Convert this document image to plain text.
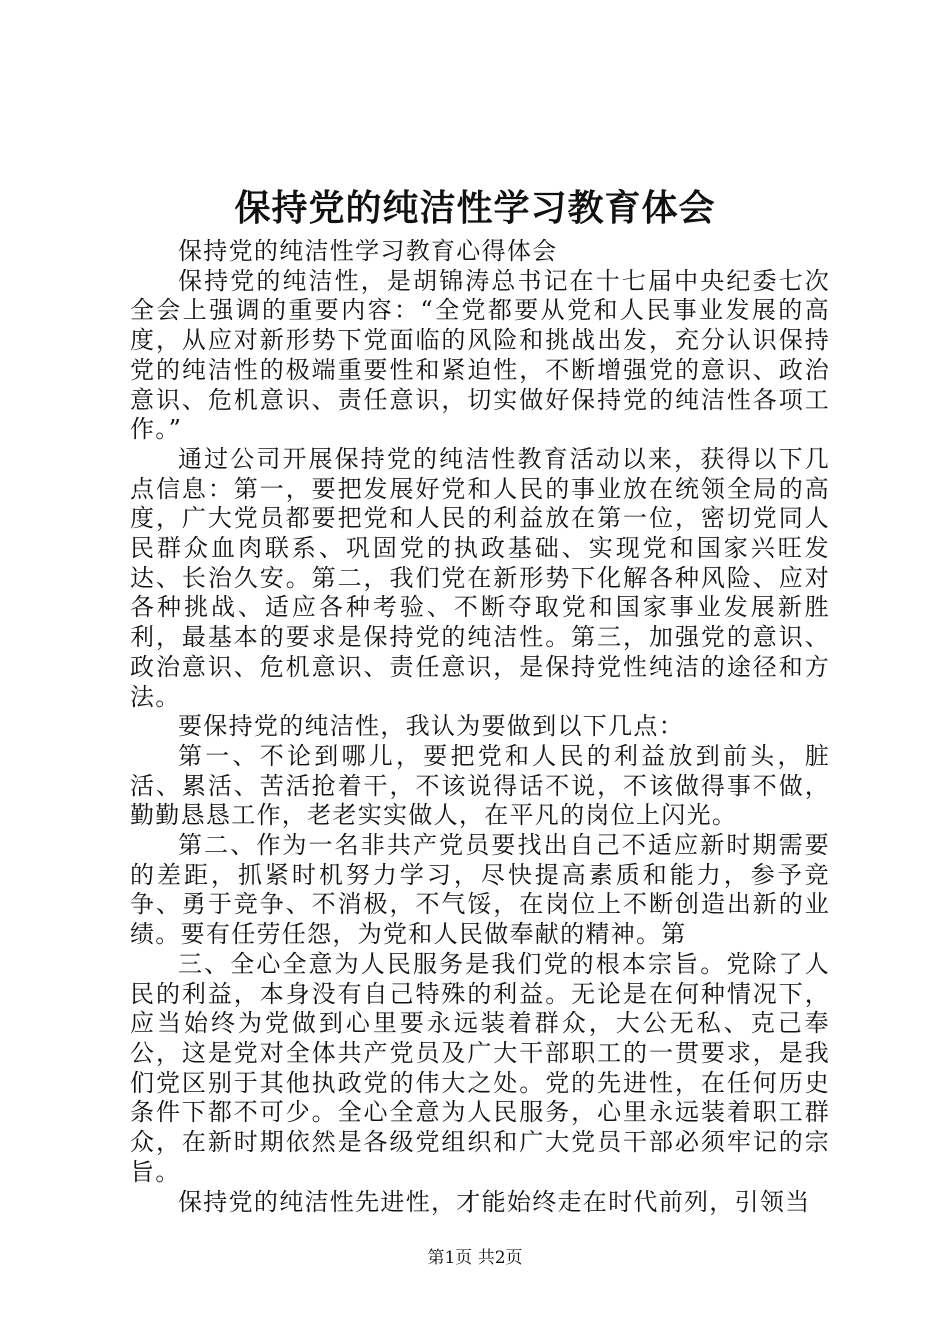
保持党的纯洁性学习教育体会

保持党的纯洁性学习教育心得体会

保持党的纯洁性，是胡锦涛总书记在十七届中央纪委七次全会上强调的重要内容：“全党都要从党和人民事业发展的高度，从应对新形势下党面临的风险和挑战出发，充分认识保持党的纯洁性的极端重要性和紧迫性，不断增强党的意识、政治意识、危机意识、责任意识，切实做好保持党的纯洁性各项工作。”

通过公司开展保持党的纯洁性教育活动以来，获得以下几点信息：第一，要把发展好党和人民的事业放在统领全局的高度，广大党员都要把党和人民的利益放在第一位，密切党同人民群众血肉联系、巩固党的执政基础、实现党和国家兴旺发达、长治久安。第二，我们党在新形势下化解各种风险、应对各种挑战、适应各种考验、不断夺取党和国家事业发展新胜利，最基本的要求是保持党的纯洁性。第三，加强党的意识、政治意识、危机意识、责任意识，是保持党性纯洁的途径和方法。

要保持党的纯洁性，我认为要做到以下几点：

第一、不论到哪儿，要把党和人民的利益放到前头，脏活、累活、苦活抢着干，不该说得话不说，不该做得事不做，勤勤恳恳工作，老老实实做人，在平凡的岗位上闪光。

第二、作为一名非共产党员要找出自己不适应新时期需要的差距，抓紧时机努力学习，尽快提高素质和能力，参予竞争、勇于竞争、不消极，不气馁，在岗位上不断创造出新的业绩。要有任劳任怨，为党和人民做奉献的精神。第

三、全心全意为人民服务是我们党的根本宗旨。党除了人民的利益，本身没有自己特殊的利益。无论是在何种情况下，应当始终为党做到心里要永远装着群众，大公无私、克己奉公，这是党对全体共产党员及广大干部职工的一贯要求，是我们党区别于其他执政党的伟大之处。党的先进性，在任何历史条件下都不可少。全心全意为人民服务，心里永远装着职工群众，在新时期依然是各级党组织和广大党员干部必须牢记的宗旨。

保持党的纯洁性先进性，才能始终走在时代前列，引领当

第1页 共2页
